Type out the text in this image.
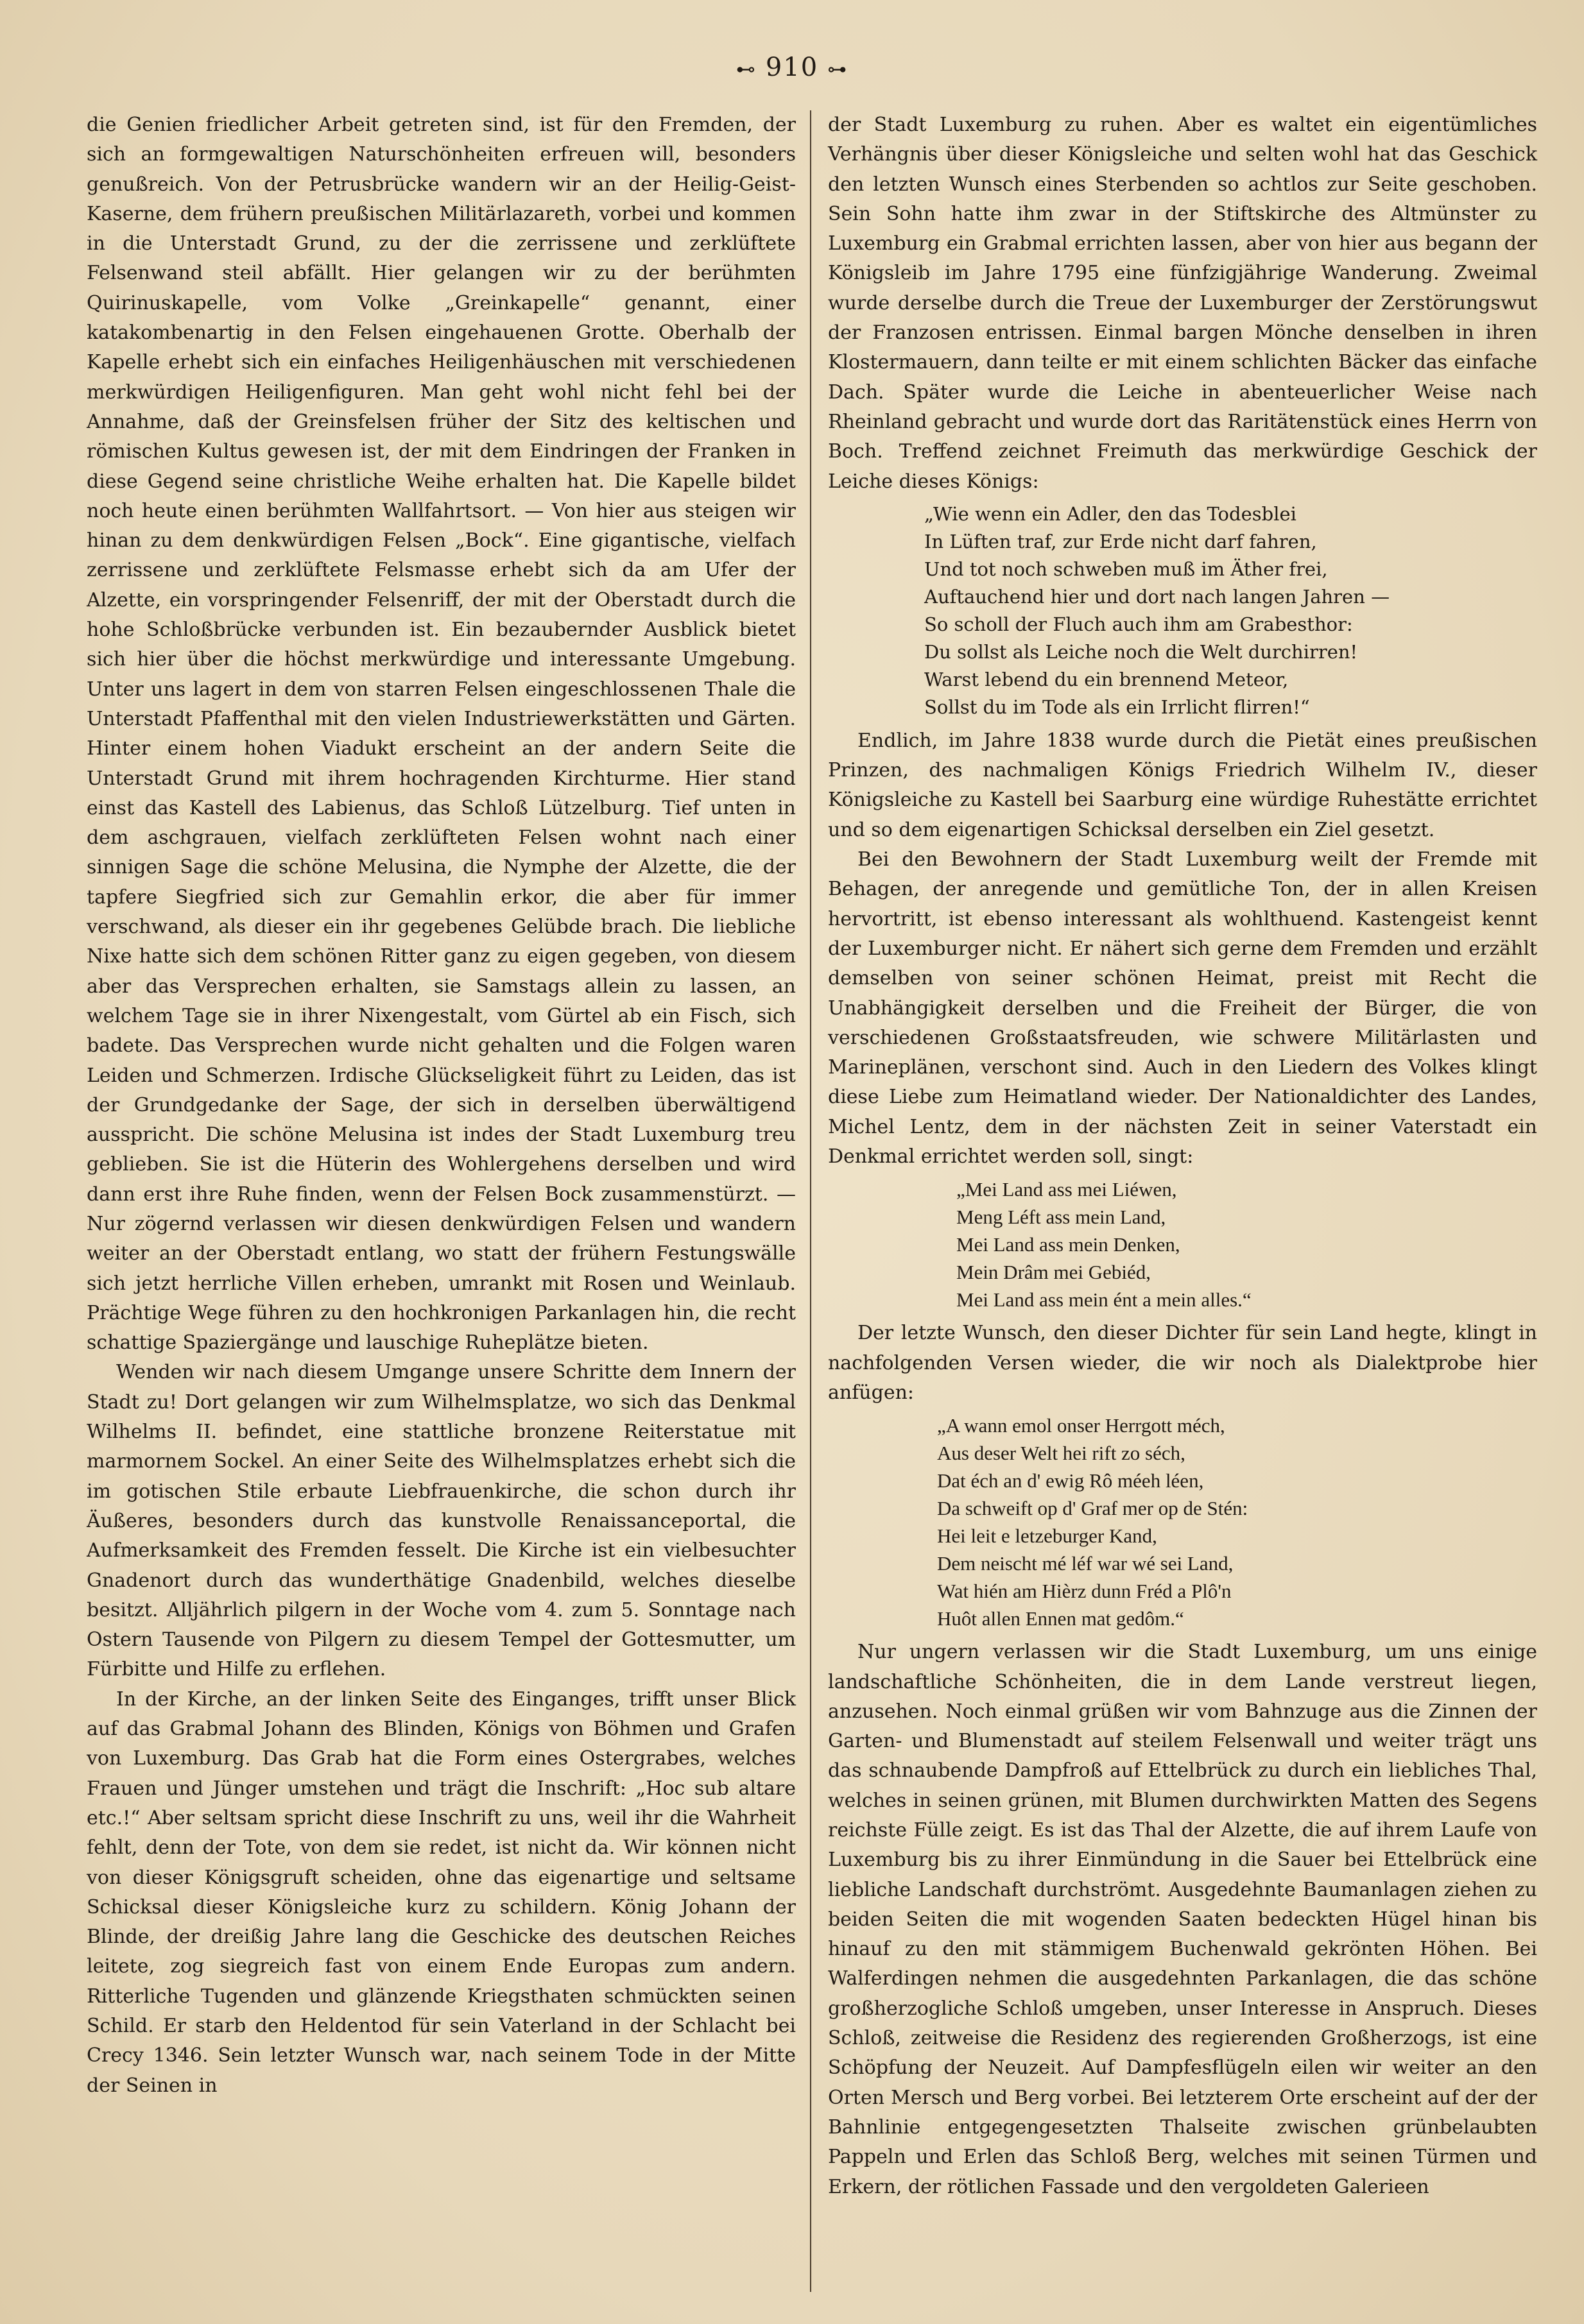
⊷ 910 ⊶

die Genien friedlicher Arbeit getreten sind, ist für den Fremden, der sich an formgewaltigen Naturschönheiten erfreuen will, besonders genußreich. Von der Petrusbrücke wandern wir an der Heilig-Geist-Kaserne, dem frühern preußischen Militärlazareth, vorbei und kommen in die Unterstadt Grund, zu der die zerrissene und zerklüftete Felsenwand steil abfällt. Hier gelangen wir zu der berühmten Quirinuskapelle, vom Volke „Greinkapelle“ genannt, einer katakombenartig in den Felsen eingehauenen Grotte. Oberhalb der Kapelle erhebt sich ein einfaches Heiligenhäuschen mit verschiedenen merkwürdigen Heiligenfiguren. Man geht wohl nicht fehl bei der Annahme, daß der Greinsfelsen früher der Sitz des keltischen und römischen Kultus gewesen ist, der mit dem Eindringen der Franken in diese Gegend seine christliche Weihe erhalten hat. Die Kapelle bildet noch heute einen berühmten Wallfahrtsort. — Von hier aus steigen wir hinan zu dem denkwürdigen Felsen „Bock“. Eine gigantische, vielfach zerrissene und zerklüftete Felsmasse erhebt sich da am Ufer der Alzette, ein vorspringender Felsenriff, der mit der Oberstadt durch die hohe Schloßbrücke verbunden ist. Ein bezaubernder Ausblick bietet sich hier über die höchst merkwürdige und interessante Umgebung. Unter uns lagert in dem von starren Felsen eingeschlossenen Thale die Unterstadt Pfaffenthal mit den vielen Industriewerkstätten und Gärten. Hinter einem hohen Viadukt erscheint an der andern Seite die Unterstadt Grund mit ihrem hochragenden Kirchturme. Hier stand einst das Kastell des Labienus, das Schloß Lützelburg. Tief unten in dem aschgrauen, vielfach zerklüfteten Felsen wohnt nach einer sinnigen Sage die schöne Melusina, die Nymphe der Alzette, die der tapfere Siegfried sich zur Gemahlin erkor, die aber für immer verschwand, als dieser ein ihr gegebenes Gelübde brach. Die liebliche Nixe hatte sich dem schönen Ritter ganz zu eigen gegeben, von diesem aber das Versprechen erhalten, sie Samstags allein zu lassen, an welchem Tage sie in ihrer Nixengestalt, vom Gürtel ab ein Fisch, sich badete. Das Versprechen wurde nicht gehalten und die Folgen waren Leiden und Schmerzen. Irdische Glückseligkeit führt zu Leiden, das ist der Grundgedanke der Sage, der sich in derselben überwältigend ausspricht. Die schöne Melusina ist indes der Stadt Luxemburg treu geblieben. Sie ist die Hüterin des Wohlergehens derselben und wird dann erst ihre Ruhe finden, wenn der Felsen Bock zusammenstürzt. — Nur zögernd verlassen wir diesen denkwürdigen Felsen und wandern weiter an der Oberstadt entlang, wo statt der frühern Festungswälle sich jetzt herrliche Villen erheben, umrankt mit Rosen und Weinlaub. Prächtige Wege führen zu den hochkronigen Parkanlagen hin, die recht schattige Spaziergänge und lauschige Ruheplätze bieten.

Wenden wir nach diesem Umgange unsere Schritte dem Innern der Stadt zu! Dort gelangen wir zum Wilhelmsplatze, wo sich das Denkmal Wilhelms II. befindet, eine stattliche bronzene Reiterstatue mit marmornem Sockel. An einer Seite des Wilhelmsplatzes erhebt sich die im gotischen Stile erbaute Liebfrauenkirche, die schon durch ihr Äußeres, besonders durch das kunstvolle Renaissanceportal, die Aufmerksamkeit des Fremden fesselt. Die Kirche ist ein vielbesuchter Gnadenort durch das wunderthätige Gnadenbild, welches dieselbe besitzt. Alljährlich pilgern in der Woche vom 4. zum 5. Sonntage nach Ostern Tausende von Pilgern zu diesem Tempel der Gottesmutter, um Fürbitte und Hilfe zu erflehen.

In der Kirche, an der linken Seite des Einganges, trifft unser Blick auf das Grabmal Johann des Blinden, Königs von Böhmen und Grafen von Luxemburg. Das Grab hat die Form eines Ostergrabes, welches Frauen und Jünger umstehen und trägt die Inschrift: „Hoc sub altare etc.!“ Aber seltsam spricht diese Inschrift zu uns, weil ihr die Wahrheit fehlt, denn der Tote, von dem sie redet, ist nicht da. Wir können nicht von dieser Königsgruft scheiden, ohne das eigenartige und seltsame Schicksal dieser Königsleiche kurz zu schildern. König Johann der Blinde, der dreißig Jahre lang die Geschicke des deutschen Reiches leitete, zog siegreich fast von einem Ende Europas zum andern. Ritterliche Tugenden und glänzende Kriegsthaten schmückten seinen Schild. Er starb den Heldentod für sein Vaterland in der Schlacht bei Crecy 1346. Sein letzter Wunsch war, nach seinem Tode in der Mitte der Seinen in

der Stadt Luxemburg zu ruhen. Aber es waltet ein eigentümliches Verhängnis über dieser Königsleiche und selten wohl hat das Geschick den letzten Wunsch eines Sterbenden so achtlos zur Seite geschoben. Sein Sohn hatte ihm zwar in der Stiftskirche des Altmünster zu Luxemburg ein Grabmal errichten lassen, aber von hier aus begann der Königsleib im Jahre 1795 eine fünfzigjährige Wanderung. Zweimal wurde derselbe durch die Treue der Luxemburger der Zerstörungswut der Franzosen entrissen. Einmal bargen Mönche denselben in ihren Klostermauern, dann teilte er mit einem schlichten Bäcker das einfache Dach. Später wurde die Leiche in abenteuerlicher Weise nach Rheinland gebracht und wurde dort das Raritätenstück eines Herrn von Boch. Treffend zeichnet Freimuth das merkwürdige Geschick der Leiche dieses Königs:

„Wie wenn ein Adler, den das Todesblei
In Lüften traf, zur Erde nicht darf fahren,
Und tot noch schweben muß im Äther frei,
Auftauchend hier und dort nach langen Jahren —
So scholl der Fluch auch ihm am Grabesthor:
Du sollst als Leiche noch die Welt durchirren!
Warst lebend du ein brennend Meteor,
Sollst du im Tode als ein Irrlicht flirren!“

Endlich, im Jahre 1838 wurde durch die Pietät eines preußischen Prinzen, des nachmaligen Königs Friedrich Wilhelm IV., dieser Königsleiche zu Kastell bei Saarburg eine würdige Ruhestätte errichtet und so dem eigenartigen Schicksal derselben ein Ziel gesetzt.

Bei den Bewohnern der Stadt Luxemburg weilt der Fremde mit Behagen, der anregende und gemütliche Ton, der in allen Kreisen hervortritt, ist ebenso interessant als wohlthuend. Kastengeist kennt der Luxemburger nicht. Er nähert sich gerne dem Fremden und erzählt demselben von seiner schönen Heimat, preist mit Recht die Unabhängigkeit derselben und die Freiheit der Bürger, die von verschiedenen Großstaatsfreuden, wie schwere Militärlasten und Marineplänen, verschont sind. Auch in den Liedern des Volkes klingt diese Liebe zum Heimatland wieder. Der Nationaldichter des Landes, Michel Lentz, dem in der nächsten Zeit in seiner Vaterstadt ein Denkmal errichtet werden soll, singt:

„Mei Land ass mei Liéwen,
Meng Léft ass mein Land,
Mei Land ass mein Denken,
Mein Drâm mei Gebiéd,
Mei Land ass mein ént a mein alles.“

Der letzte Wunsch, den dieser Dichter für sein Land hegte, klingt in nachfolgenden Versen wieder, die wir noch als Dialektprobe hier anfügen:

„A wann emol onser Herrgott méch,
Aus deser Welt hei rift zo séch,
Dat éch an d' ewig Rô méeh léen,
Da schweift op d' Graf mer op de Stén:
Hei leit e letzeburger Kand,
Dem neischt mé léf war wé sei Land,
Wat hién am Hièrz dunn Fréd a Plô'n
Huôt allen Ennen mat gedôm.“

Nur ungern verlassen wir die Stadt Luxemburg, um uns einige landschaftliche Schönheiten, die in dem Lande verstreut liegen, anzusehen. Noch einmal grüßen wir vom Bahnzuge aus die Zinnen der Garten- und Blumenstadt auf steilem Felsenwall und weiter trägt uns das schnaubende Dampfroß auf Ettelbrück zu durch ein liebliches Thal, welches in seinen grünen, mit Blumen durchwirkten Matten des Segens reichste Fülle zeigt. Es ist das Thal der Alzette, die auf ihrem Laufe von Luxemburg bis zu ihrer Einmündung in die Sauer bei Ettelbrück eine liebliche Landschaft durchströmt. Ausgedehnte Baumanlagen ziehen zu beiden Seiten die mit wogenden Saaten bedeckten Hügel hinan bis hinauf zu den mit stämmigem Buchenwald gekrönten Höhen. Bei Walferdingen nehmen die ausgedehnten Parkanlagen, die das schöne großherzogliche Schloß umgeben, unser Interesse in Anspruch. Dieses Schloß, zeitweise die Residenz des regierenden Großherzogs, ist eine Schöpfung der Neuzeit. Auf Dampfesflügeln eilen wir weiter an den Orten Mersch und Berg vorbei. Bei letzterem Orte erscheint auf der der Bahnlinie entgegengesetzten Thalseite zwischen grünbelaubten Pappeln und Erlen das Schloß Berg, welches mit seinen Türmen und Erkern, der rötlichen Fassade und den vergoldeten Galerieen
